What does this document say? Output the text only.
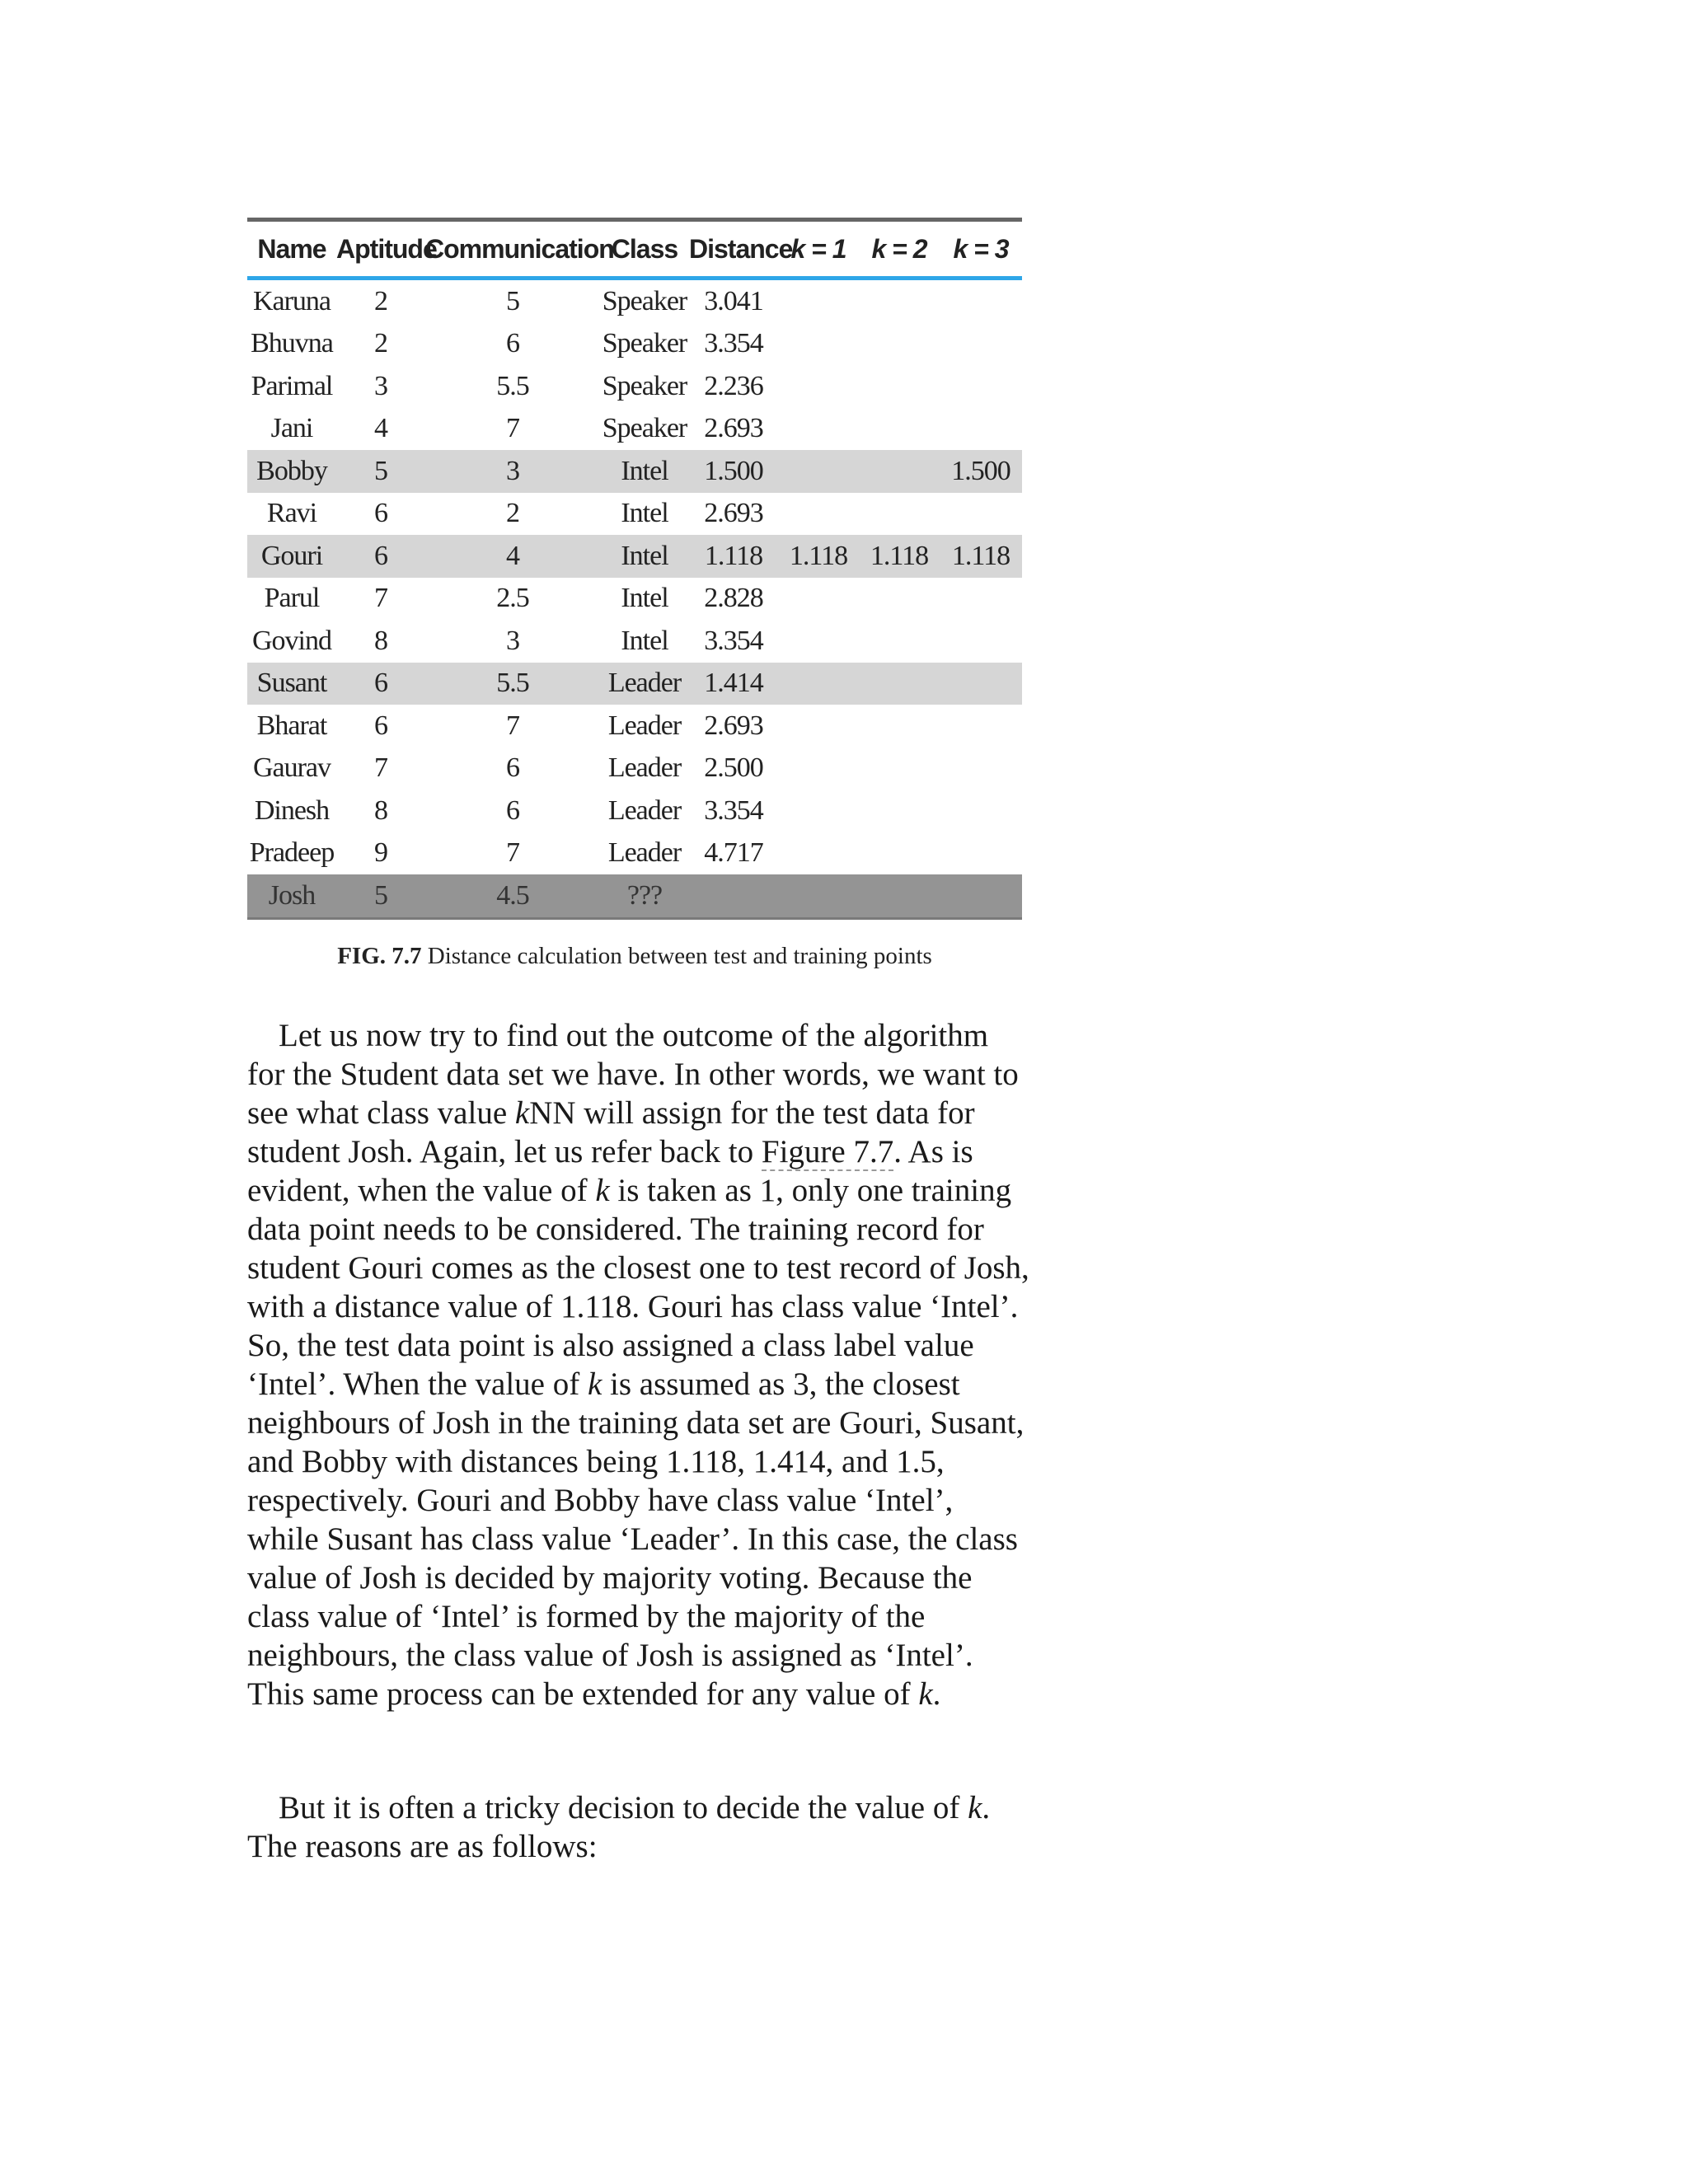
Name	Aptitude	Communication	Class	Distance	k = 1	k = 2	k = 3
Karuna	2	5	Speaker	3.041			
Bhuvna	2	6	Speaker	3.354			
Parimal	3	5.5	Speaker	2.236			
Jani	4	7	Speaker	2.693			
Bobby	5	3	Intel	1.500			1.500
Ravi	6	2	Intel	2.693			
Gouri	6	4	Intel	1.118	1.118	1.118	1.118
Parul	7	2.5	Intel	2.828			
Govind	8	3	Intel	3.354			
Susant	6	5.5	Leader	1.414			
Bharat	6	7	Leader	2.693			
Gaurav	7	6	Leader	2.500			
Dinesh	8	6	Leader	3.354			
Pradeep	9	7	Leader	4.717			
Josh	5	4.5	???				
FIG. 7.7 Distance calculation between test and training points

Let us now try to find out the outcome of the algorithm for the Student data set we have. In other words, we want to see what class value kNN will assign for the test data for student Josh. Again, let us refer back to Figure 7.7. As is evident, when the value of k is taken as 1, only one training data point needs to be considered. The training record for student Gouri comes as the closest one to test record of Josh, with a distance value of 1.118. Gouri has class value ‘Intel’. So, the test data point is also assigned a class label value ‘Intel’. When the value of k is assumed as 3, the closest neighbours of Josh in the training data set are Gouri, Susant, and Bobby with distances being 1.118, 1.414, and 1.5, respectively. Gouri and Bobby have class value ‘Intel’, while Susant has class value ‘Leader’. In this case, the class value of Josh is decided by majority voting. Because the class value of ‘Intel’ is formed by the majority of the neighbours, the class value of Josh is assigned as ‘Intel’. This same process can be extended for any value of k.

But it is often a tricky decision to decide the value of k. The reasons are as follows:
